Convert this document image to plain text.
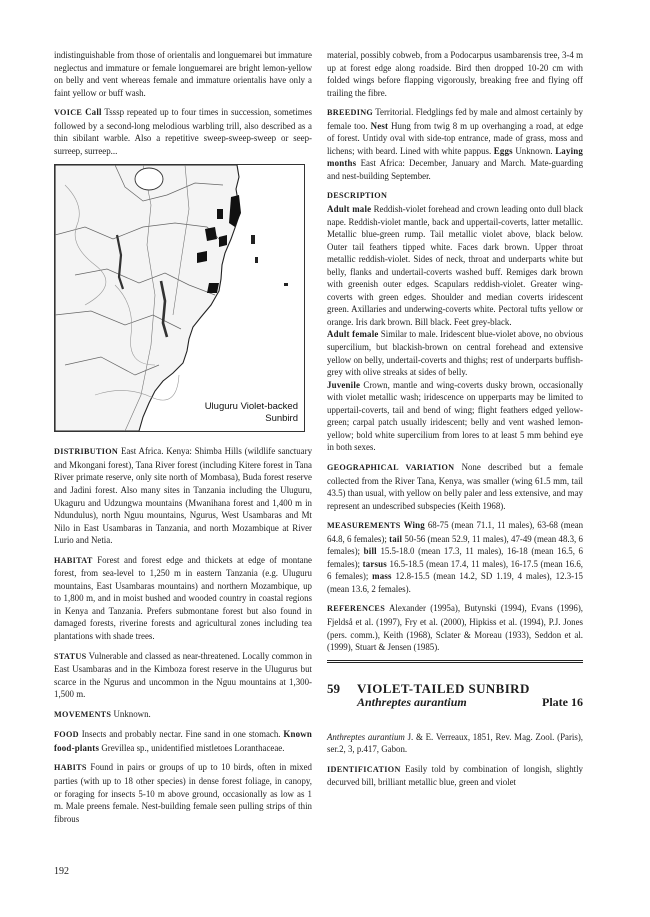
indistinguishable from those of orientalis and longuemarei but immature neglectus and immature or female longuemarei are bright lemon-yellow on belly and vent whereas female and immature orientalis have only a faint yellow or buff wash.

VOICE Call Tsssp repeated up to four times in succession, sometimes followed by a second-long melodious warbling trill, also described as a thin sibilant warble. Also a repetitive sweep-sweep-sweep or seep-surreep, surreep...

Uluguru Violet-backed
Sunbird

DISTRIBUTION East Africa. Kenya: Shimba Hills (wildlife sanctuary and Mkongani forest), Tana River forest (including Kitere forest in Tana River primate reserve, only site north of Mombasa), Buda forest reserve and Jadini forest. Also many sites in Tanzania including the Uluguru, Ukaguru and Udzungwa mountains (Mwanihana forest and 1,400 m in Ndundulus), north Nguu mountains, Ngurus, West Usambaras and Mt Nilo in East Usambaras in Tanzania, and north Mozambique at River Lurio and Netia.

HABITAT Forest and forest edge and thickets at edge of montane forest, from sea-level to 1,250 m in eastern Tanzania (e.g. Uluguru mountains, East Usambaras mountains) and northern Mozambique, up to 1,800 m, and in moist bushed and wooded country in coastal regions in Kenya and Tanzania. Prefers submontane forest but also found in damaged forests, riverine forests and agricultural zones including tea plantations with shade trees.

STATUS Vulnerable and classed as near-threatened. Locally common in East Usambaras and in the Kimboza forest reserve in the Ulugurus but scarce in the Ngurus and uncommon in the Nguu mountains at 1,300-1,500 m.

MOVEMENTS Unknown.

FOOD Insects and probably nectar. Fine sand in one stomach. Known food-plants Grevillea sp., unidentified mistletoes Loranthaceae.

HABITS Found in pairs or groups of up to 10 birds, often in mixed parties (with up to 18 other species) in dense forest foliage, in canopy, or foraging for insects 5-10 m above ground, occasionally as low as 1 m. Male preens female. Nest-building female seen pulling strips of thin fibrous

material, possibly cobweb, from a Podocarpus usambarensis tree, 3-4 m up at forest edge along roadside. Bird then dropped 10-20 cm with folded wings before flapping vigorously, breaking free and flying off trailing the fibre.

BREEDING Territorial. Fledglings fed by male and almost certainly by female too. Nest Hung from twig 8 m up overhanging a road, at edge of forest. Untidy oval with side-top entrance, made of grass, moss and lichens; with beard. Lined with white pappus. Eggs Unknown. Laying months East Africa: December, January and March. Mate-guarding and nest-building September.

DESCRIPTION

Adult male Reddish-violet forehead and crown leading onto dull black nape. Reddish-violet mantle, back and uppertail-coverts, latter metallic. Metallic blue-green rump. Tail metallic violet above, black below. Outer tail feathers tipped white. Faces dark brown. Upper throat metallic reddish-violet. Sides of neck, throat and underparts white but belly, flanks and undertail-coverts washed buff. Remiges dark brown with greenish outer edges. Scapulars reddish-violet. Greater wing-coverts with green edges. Shoulder and median coverts iridescent green. Axillaries and underwing-coverts white. Pectoral tufts yellow or orange. Iris dark brown. Bill black. Feet grey-black.

Adult female Similar to male. Iridescent blue-violet above, no obvious supercilium, but blackish-brown on central forehead and extensive yellow on belly, undertail-coverts and thighs; rest of underparts buffish-grey with olive streaks at sides of belly.

Juvenile Crown, mantle and wing-coverts dusky brown, occasionally with violet metallic wash; iridescence on upperparts may be limited to uppertail-coverts, tail and bend of wing; flight feathers edged yellow-green; carpal patch usually iridescent; belly and vent washed lemon-yellow; bold white supercilium from lores to at least 5 mm behind eye in both sexes.

GEOGRAPHICAL VARIATION None described but a female collected from the River Tana, Kenya, was smaller (wing 61.5 mm, tail 43.5) than usual, with yellow on belly paler and less extensive, and may represent an undescribed subspecies (Keith 1968).

MEASUREMENTS Wing 68-75 (mean 71.1, 11 males), 63-68 (mean 64.8, 6 females); tail 50-56 (mean 52.9, 11 males), 47-49 (mean 48.3, 6 females); bill 15.5-18.0 (mean 17.3, 11 males), 16-18 (mean 16.5, 6 females); tarsus 16.5-18.5 (mean 17.4, 11 males), 16-17.5 (mean 16.6, 6 females); mass 12.8-15.5 (mean 14.2, SD 1.19, 4 males), 12.3-15 (mean 13.6, 2 females).

REFERENCES Alexander (1995a), Butynski (1994), Evans (1996), Fjeldså et al. (1997), Fry et al. (2000), Hipkiss et al. (1994), P.J. Jones (pers. comm.), Keith (1968), Sclater & Moreau (1933), Seddon et al. (1999), Stuart & Jensen (1985).

59	VIOLET-TAILED SUNBIRD
Anthreptes aurantium	Plate 16

Anthreptes aurantium J. & E. Verreaux, 1851, Rev. Mag. Zool. (Paris), ser.2, 3, p.417, Gabon.

IDENTIFICATION Easily told by combination of longish, slightly decurved bill, brilliant metallic blue, green and violet

192
